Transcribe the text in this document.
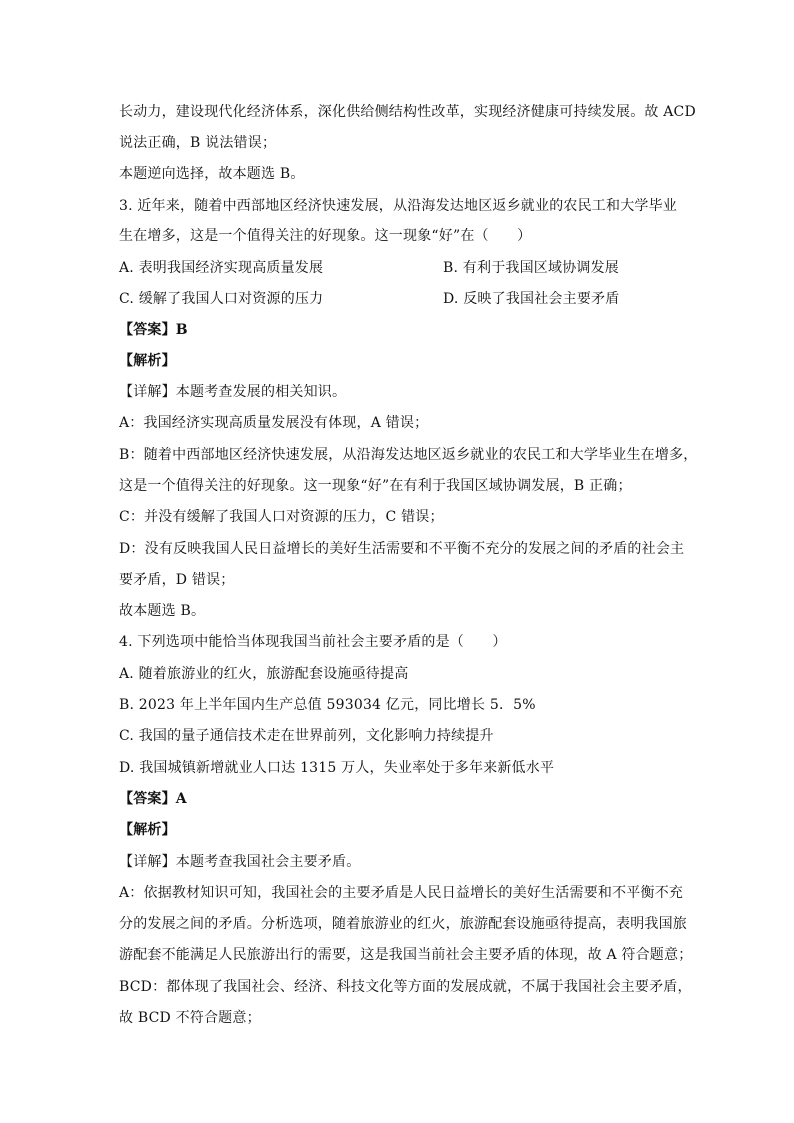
长动力，建设现代化经济体系，深化供给侧结构性改革，实现经济健康可持续发展。故 ACD
说法正确，B 说法错误；
本题逆向选择，故本题选 B。
3. 近年来，随着中西部地区经济快速发展，从沿海发达地区返乡就业的农民工和大学毕业
生在增多，这是一个值得关注的好现象。这一现象“好”在（　　）
A. 表明我国经济实现高质量发展	B. 有利于我国区域协调发展
C. 缓解了我国人口对资源的压力	D. 反映了我国社会主要矛盾
【答案】B
【解析】
【详解】本题考查发展的相关知识。
A：我国经济实现高质量发展没有体现，A 错误；
B：随着中西部地区经济快速发展，从沿海发达地区返乡就业的农民工和大学毕业生在增多，
这是一个值得关注的好现象。这一现象“好”在有利于我国区域协调发展，B 正确；
C：并没有缓解了我国人口对资源的压力，C 错误；
D：没有反映我国人民日益增长的美好生活需要和不平衡不充分的发展之间的矛盾的社会主
要矛盾，D 错误；
故本题选 B。
4. 下列选项中能恰当体现我国当前社会主要矛盾的是（　　）
A. 随着旅游业的红火，旅游配套设施亟待提高
B. 2023 年上半年国内生产总值 593034 亿元，同比增长 5．5%
C. 我国的量子通信技术走在世界前列，文化影响力持续提升
D. 我国城镇新增就业人口达 1315 万人，失业率处于多年来新低水平
【答案】A
【解析】
【详解】本题考查我国社会主要矛盾。
A：依据教材知识可知，我国社会的主要矛盾是人民日益增长的美好生活需要和不平衡不充
分的发展之间的矛盾。分析选项，随着旅游业的红火，旅游配套设施亟待提高，表明我国旅
游配套不能满足人民旅游出行的需要，这是我国当前社会主要矛盾的体现，故 A 符合题意；
BCD：都体现了我国社会、经济、科技文化等方面的发展成就，不属于我国社会主要矛盾，
故 BCD 不符合题意；
